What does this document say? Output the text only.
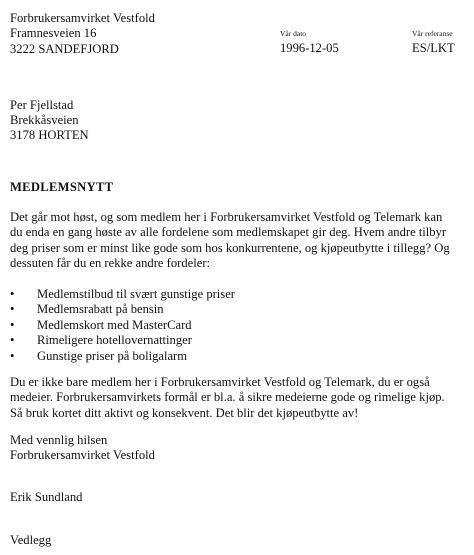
Forbrukersamvirket Vestfold
Framnesveien 16
3222 SANDEFJORD
Vår dato
1996-12-05
Vår referanse
ES/LKT
Per Fjellstad
Brekkåsveien
3178 HORTEN
MEDLEMSNYTT
Det går mot høst, og som medlem her i Forbrukersamvirket Vestfold og Telemark kan
du enda en gang høste av alle fordelene som medlemskapet gir deg. Hvem andre tilbyr
deg priser som er minst like gode som hos konkurrentene, og kjøpeutbytte i tillegg? Og
dessuten får du en rekke andre fordeler:
• Medlemstilbud til svært gunstige priser
• Medlemsrabatt på bensin
• Medlemskort med MasterCard
• Rimeligere hotellovernattinger
• Gunstige priser på boligalarm
Du er ikke bare medlem her i Forbrukersamvirket Vestfold og Telemark, du er også
medeier. Forbrukersamvirkets formål er bl.a. å sikre medeierne gode og rimelige kjøp.
Så bruk kortet ditt aktivt og konsekvent. Det blir det kjøpeutbytte av!
Med vennlig hilsen
Forbrukersamvirket Vestfold
Erik Sundland
Vedlegg
